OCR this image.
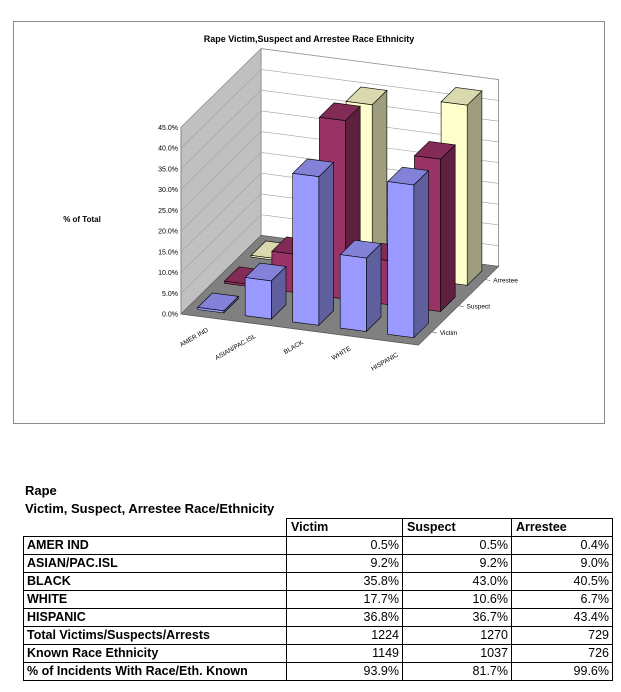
Rape Victim,Suspect and Arrestee Race Ethnicity
% of Total
0.0%
5.0%
10.0%
15.0%
20.0%
25.0%
30.0%
35.0%
40.0%
45.0%
AMER IND ASIAN/PAC.ISL	BLACK	WHITE	HISPANIC
Arrestee
Suspect
Victim
Rape
Victim, Suspect, Arrestee Race/Ethnicity
	Victim	Suspect	Arrestee
AMER IND	0.5%	0.5%	0.4%
ASIAN/PAC.ISL	9.2%	9.2%	9.0%
BLACK	35.8%	43.0%	40.5%
WHITE	17.7%	10.6%	6.7%
HISPANIC	36.8%	36.7%	43.4%
Total Victims/Suspects/Arrests	1224	1270	729
Known Race Ethnicity	1149	1037	726
% of Incidents With Race/Eth. Known	93.9%	81.7%	99.6%
